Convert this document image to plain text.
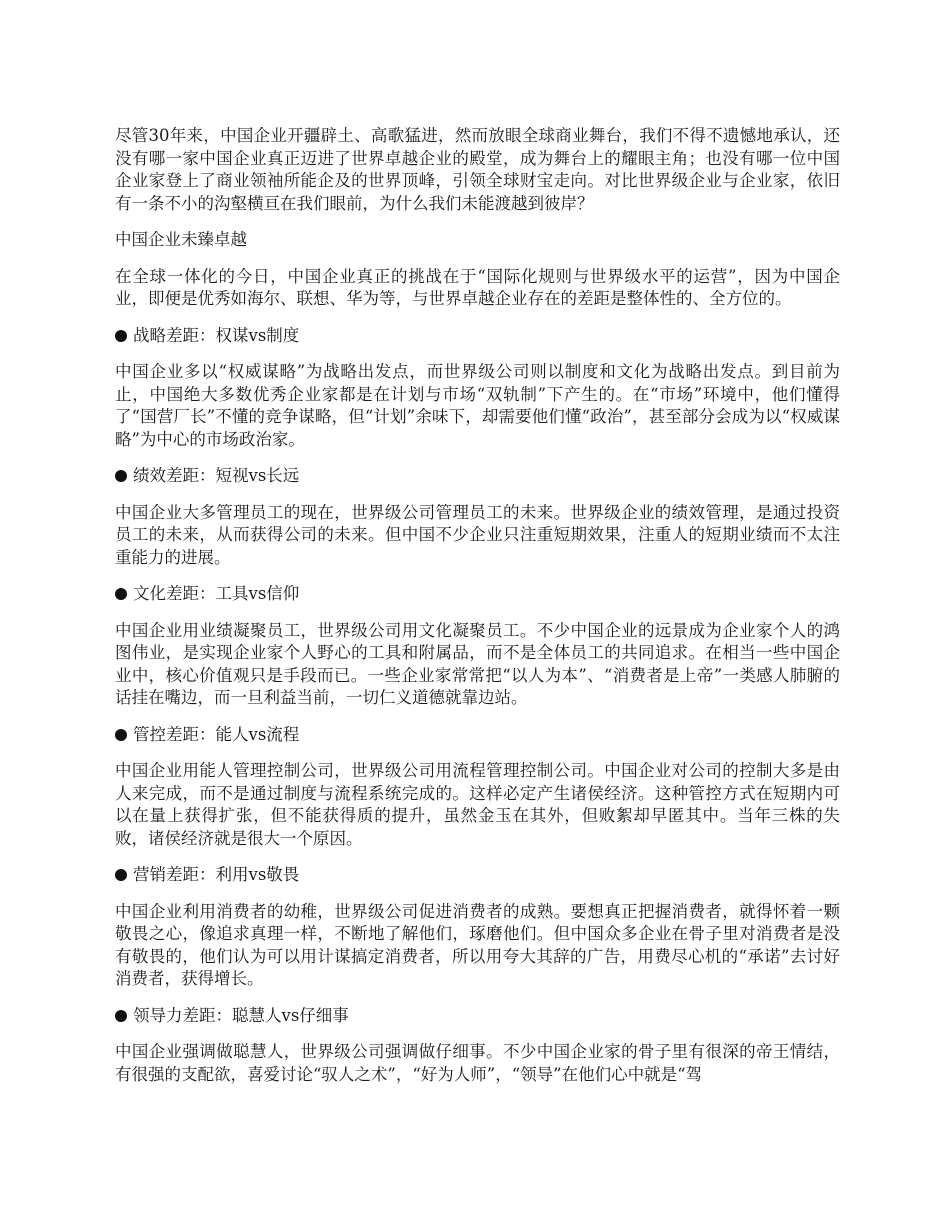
尽管30年来，中国企业开疆辟土、高歌猛进，然而放眼全球商业舞台，我们不得不遗憾地承认，还没有哪一家中国企业真正迈进了世界卓越企业的殿堂，成为舞台上的耀眼主角；也没有哪一位中国企业家登上了商业领袖所能企及的世界顶峰，引领全球财宝走向。对比世界级企业与企业家，依旧有一条不小的沟壑横亘在我们眼前，为什么我们未能渡越到彼岸？

中国企业未臻卓越

在全球一体化的今日，中国企业真正的挑战在于“国际化规则与世界级水平的运营”，因为中国企业，即便是优秀如海尔、联想、华为等，与世界卓越企业存在的差距是整体性的、全方位的。

战略差距：权谋vs制度

中国企业多以“权威谋略”为战略出发点，而世界级公司则以制度和文化为战略出发点。到目前为止，中国绝大多数优秀企业家都是在计划与市场“双轨制”下产生的。在“市场”环境中，他们懂得了“国营厂长”不懂的竞争谋略，但“计划”余味下，却需要他们懂“政治”，甚至部分会成为以“权威谋略”为中心的市场政治家。

绩效差距：短视vs长远

中国企业大多管理员工的现在，世界级公司管理员工的未来。世界级企业的绩效管理，是通过投资员工的未来，从而获得公司的未来。但中国不少企业只注重短期效果，注重人的短期业绩而不太注重能力的进展。

文化差距：工具vs信仰

中国企业用业绩凝聚员工，世界级公司用文化凝聚员工。不少中国企业的远景成为企业家个人的鸿图伟业，是实现企业家个人野心的工具和附属品，而不是全体员工的共同追求。在相当一些中国企业中，核心价值观只是手段而已。一些企业家常常把“以人为本”、“消费者是上帝”一类感人肺腑的话挂在嘴边，而一旦利益当前，一切仁义道德就靠边站。

管控差距：能人vs流程

中国企业用能人管理控制公司，世界级公司用流程管理控制公司。中国企业对公司的控制大多是由人来完成，而不是通过制度与流程系统完成的。这样必定产生诸侯经济。这种管控方式在短期内可以在量上获得扩张，但不能获得质的提升，虽然金玉在其外，但败絮却早匿其中。当年三株的失败，诸侯经济就是很大一个原因。

营销差距：利用vs敬畏

中国企业利用消费者的幼稚，世界级公司促进消费者的成熟。要想真正把握消费者，就得怀着一颗敬畏之心，像追求真理一样，不断地了解他们，琢磨他们。但中国众多企业在骨子里对消费者是没有敬畏的，他们认为可以用计谋搞定消费者，所以用夸大其辞的广告，用费尽心机的“承诺”去讨好消费者，获得增长。

领导力差距：聪慧人vs仔细事

中国企业强调做聪慧人，世界级公司强调做仔细事。不少中国企业家的骨子里有很深的帝王情结，有很强的支配欲，喜爱讨论“驭人之术”，“好为人师”，“领导”在他们心中就是“驾
